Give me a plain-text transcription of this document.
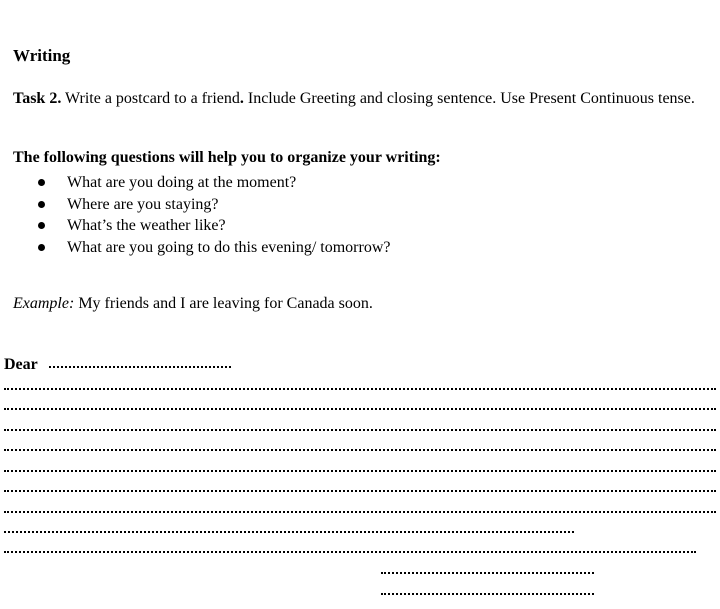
Writing
Task 2. Write a postcard to a friend. Include Greeting and closing sentence. Use Present Continuous tense.
The following questions will help you to organize your writing:
What are you doing at the moment?
Where are you staying?
What’s the weather like?
What are you going to do this evening/ tomorrow?
Example: My friends and I are leaving for Canada soon.
Dear
